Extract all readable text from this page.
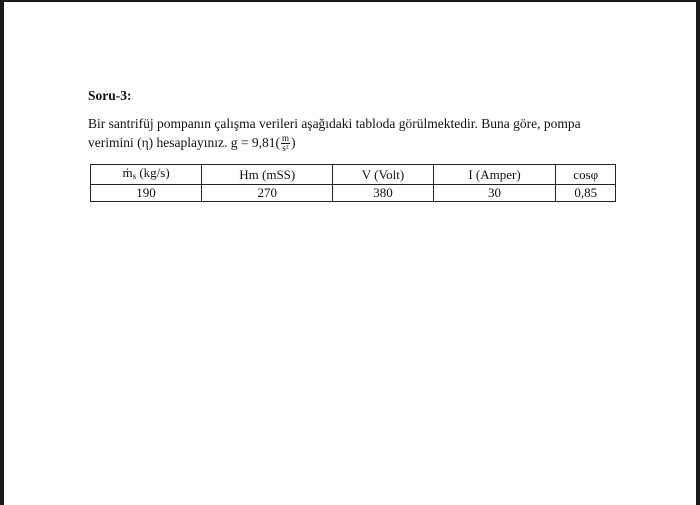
Soru-3:
Bir santrifüj pompanın çalışma verileri aşağıdaki tabloda görülmektedir. Buna göre, pompa verimini (η) hesaplayınız. $g = 9,81( \frac{m}{\text{s²}}$ )
ṁ$_s$ (kg/s)	Hm (mSS)	V (Volt)	I (Amper)	cosφ
190	270	380	30	0,85
